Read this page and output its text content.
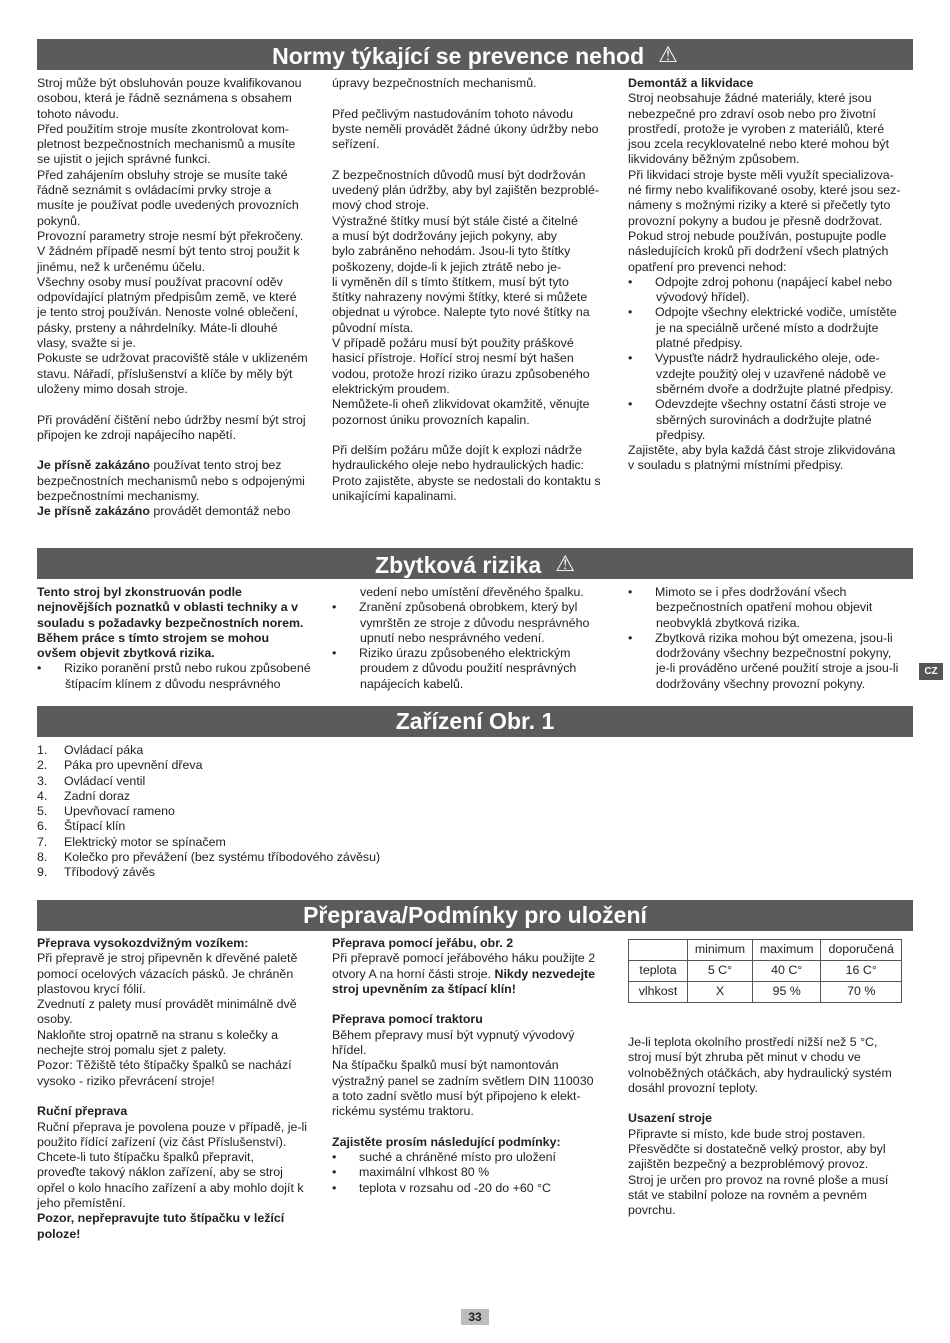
Normy týkající se prevence nehod ⚠

Stroj může být obsluhován pouze kvalifikovanou

osobou, která je řádně seznámena s obsahem

tohoto návodu.

Před použitím stroje musíte zkontrolovat kom-

pletnost bezpečnostních mechanismů a musíte

se ujistit o jejich správné funkci.

Před zahájením obsluhy stroje se musíte také

řádně seznámit s ovládacími prvky stroje a

musíte je používat podle uvedených provozních

pokynů.

Provozní parametry stroje nesmí být překročeny.

V žádném případě nesmí být tento stroj použit k

jinému, než k určenému účelu.

Všechny osoby musí používat pracovní oděv

odpovídající platným předpisům země, ve které

je tento stroj používán. Nenoste volné oblečení,

pásky, prsteny a náhrdelníky. Máte-li dlouhé

vlasy, svažte si je.

Pokuste se udržovat pracoviště stále v uklizeném

stavu. Nářadí, příslušenství a klíče by měly být

uloženy mimo dosah stroje.

Při provádění čištění nebo údržby nesmí být stroj

připojen ke zdroji napájecího napětí.

Je přísně zakázáno používat tento stroj bez

bezpečnostních mechanismů nebo s odpojenými

bezpečnostními mechanismy.

Je přísně zakázáno provádět demontáž nebo

úpravy bezpečnostních mechanismů.

Před pečlivým nastudováním tohoto návodu

byste neměli provádět žádné úkony údržby nebo

seřízení.

Z bezpečnostních důvodů musí být dodržován

uvedený plán údržby, aby byl zajištěn bezproblé-

mový chod stroje.

Výstražné štítky musí být stále čisté a čitelné

a musí být dodržovány jejich pokyny, aby

bylo zabráněno nehodám. Jsou-li tyto štítky

poškozeny, dojde-li k jejich ztrátě nebo je-

li vyměněn díl s tímto štítkem, musí být tyto

štítky nahrazeny novými štítky, které si můžete

objednat u výrobce. Nalepte tyto nové štítky na

původní místa.

V případě požáru musí být použity práškové

hasicí přístroje. Hořící stroj nesmí být hašen

vodou, protože hrozí riziko úrazu způsobeného

elektrickým proudem.

Nemůžete-li oheň zlikvidovat okamžitě, věnujte

pozornost úniku provozních kapalin.

Při delším požáru může dojít k explozi nádrže

hydraulického oleje nebo hydraulických hadic:

Proto zajistěte, abyste se nedostali do kontaktu s

unikajícími kapalinami.

Demontáž a likvidace

Stroj neobsahuje žádné materiály, které jsou

nebezpečné pro zdraví osob nebo pro životní

prostředí, protože je vyroben z materiálů, které

jsou zcela recyklovatelné nebo které mohou být

likvidovány běžným způsobem.

Při likvidaci stroje byste měli využít specializova-

né firmy nebo kvalifikované osoby, které jsou sez-

námeny s možnými riziky a které si přečetly tyto

provozní pokyny a budou je přesně dodržovat.

Pokud stroj nebude používán, postupujte podle

následujících kroků při dodržení všech platných

opatření pro prevenci nehod:

• Odpojte zdroj pohonu (napájecí kabel nebo

vývodový hřídel).

• Odpojte všechny elektrické vodiče, umístěte

je na speciálně určené místo a dodržujte

platné předpisy.

• Vypusťte nádrž hydraulického oleje, ode-

vzdejte použitý olej v uzavřené nádobě ve

sběrném dvoře a dodržujte platné předpisy.

• Odevzdejte všechny ostatní části stroje ve

sběrných surovinách a dodržujte platné

předpisy.

Zajistěte, aby byla každá část stroje zlikvidována

v souladu s platnými místními předpisy.

Zbytková rizika ⚠

Tento stroj byl zkonstruován podle

nejnovějších poznatků v oblasti techniky a v

souladu s požadavky bezpečnostních norem.

Během práce s tímto strojem se mohou

ovšem objevit zbytková rizika.

• Riziko poranění prstů nebo rukou způsobené

štípacím klínem z důvodu nesprávného

vedení nebo umístění dřevěného špalku.

• Zranění způsobená obrobkem, který byl

vymrštěn ze stroje z důvodu nesprávného

upnutí nebo nesprávného vedení.

• Riziko úrazu způsobeného elektrickým

proudem z důvodu použití nesprávných

napájecích kabelů.

• Mimoto se i přes dodržování všech

bezpečnostních opatření mohou objevit

neobvyklá zbytková rizika.

• Zbytková rizika mohou být omezena, jsou-li

dodržovány všechny bezpečnostní pokyny,

je-li prováděno určené použití stroje a jsou-li

dodržovány všechny provozní pokyny.

CZ
Zařízení Obr. 1

1. Ovládací páka

2. Páka pro upevnění dřeva

3. Ovládací ventil

4. Zadní doraz

5. Upevňovací rameno

6. Štípací klín

7. Elektrický motor se spínačem

8. Kolečko pro převážení (bez systému tříbodového závěsu)

9. Tříbodový závěs

Přeprava/Podmínky pro uložení

Přeprava vysokozdvižným vozíkem:

Při přepravě je stroj připevněn k dřevěné paletě

pomocí ocelových vázacích pásků. Je chráněn

plastovou krycí fólií.

Zvednutí z palety musí provádět minimálně dvě

osoby.

Nakloňte stroj opatrně na stranu s kolečky a

nechejte stroj pomalu sjet z palety.

Pozor: Těžiště této štípačky špalků se nachází

vysoko - riziko převrácení stroje!

Ruční přeprava

Ruční přeprava je povolena pouze v případě, je-li

použito řídící zařízení (viz část Příslušenství).

Chcete-li tuto štípačku špalků přepravit,

proveďte takový náklon zařízení, aby se stroj

opřel o kolo hnacího zařízení a aby mohlo dojít k

jeho přemístění.

Pozor, nepřepravujte tuto štípačku v ležící

poloze!

Přeprava pomocí jeřábu, obr. 2

Při přepravě pomocí jeřábového háku použijte 2

otvory A na horní části stroje. Nikdy nezvedejte

stroj upevněním za štípací klín!

Přeprava pomocí traktoru

Během přepravy musí být vypnutý vývodový

hřídel.

Na štípačku špalků musí být namontován

výstražný panel se zadním světlem DIN 110030

a toto zadní světlo musí být připojeno k elekt-

rickému systému traktoru.

Zajistěte prosím následující podmínky:

• suché a chráněné místo pro uložení

• maximální vlhkost 80 %

• teplota v rozsahu od -20 do +60 °C

	minimum	maximum	doporučená
teplota	5 C°	40 C°	16 C°
vlhkost	X	95 %	70 %

Je-li teplota okolního prostředí nižší než 5 °C,

stroj musí být zhruba pět minut v chodu ve

volnoběžných otáčkách, aby hydraulický systém

dosáhl provozní teploty.

Usazení stroje

Připravte si místo, kde bude stroj postaven.

Přesvědčte si dostatečně velký prostor, aby byl

zajištěn bezpečný a bezproblémový provoz.

Stroj je určen pro provoz na rovné ploše a musí

stát ve stabilní poloze na rovném a pevném

povrchu.

33
